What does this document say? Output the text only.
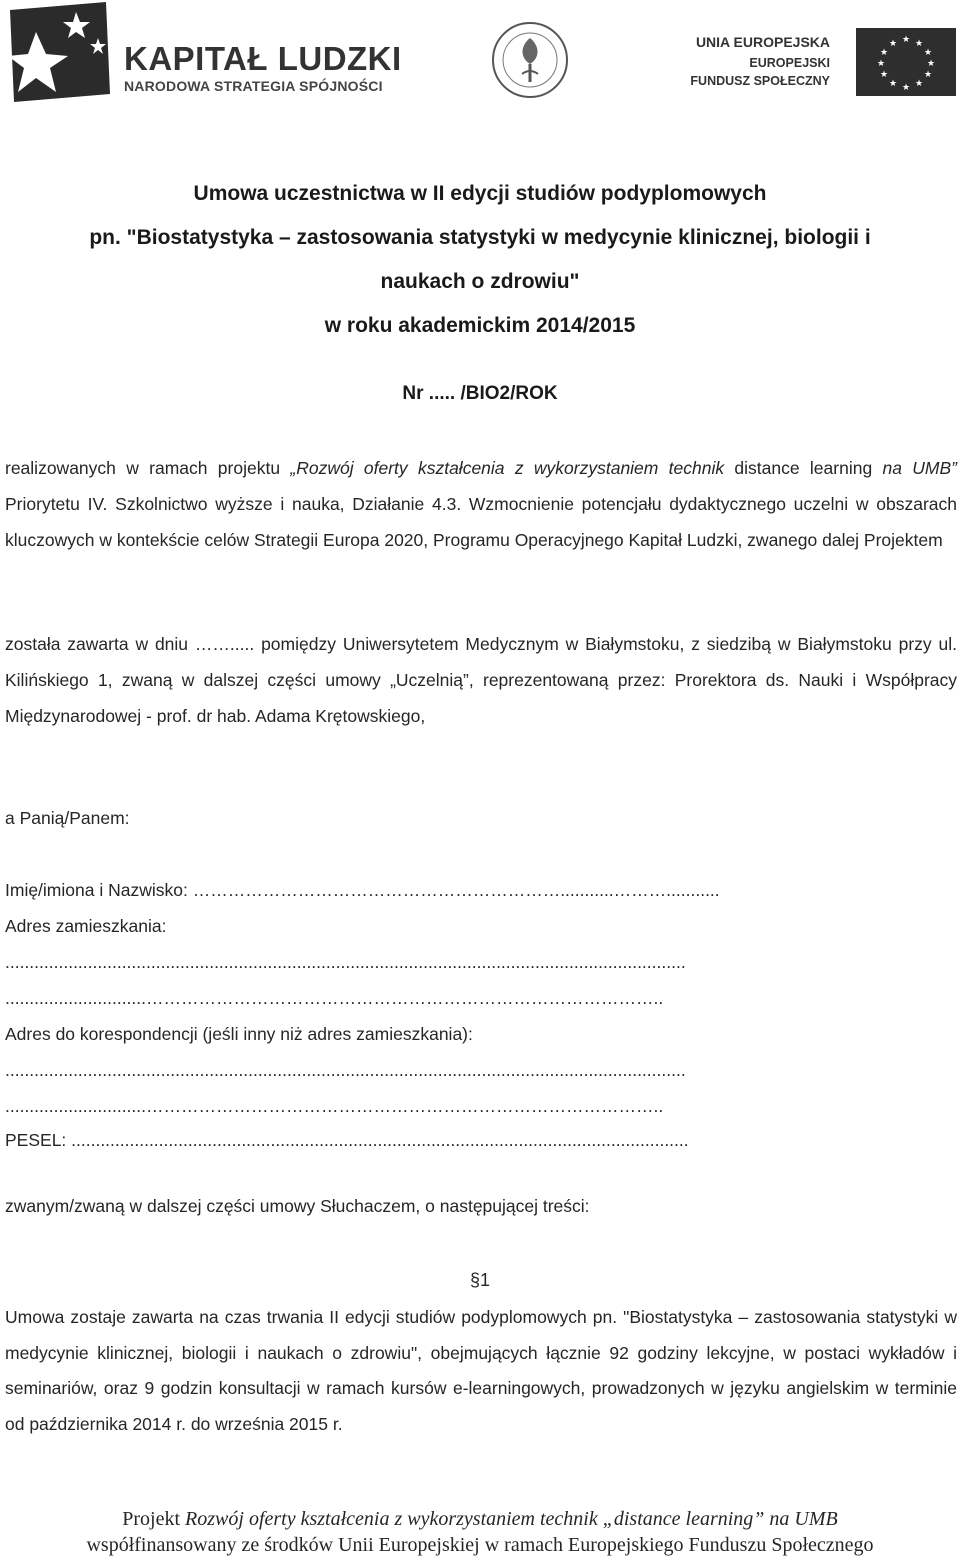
KAPITAŁ LUDZKI
NARODOWA STRATEGIA SPÓJNOŚCI
UNIA EUROPEJSKA
EUROPEJSKI
FUNDUSZ SPOŁECZNY
★ ★
★
★
★
★
★
★
★
★
★
★
Umowa uczestnictwa w II edycji studiów podyplomowych
pn. "Biostatystyka – zastosowania statystyki w medycynie klinicznej, biologii i
naukach o zdrowiu"
w roku akademickim 2014/2015
Nr ..... /BIO2/ROK
realizowanych w ramach projektu „Rozwój oferty kształcenia z wykorzystaniem technik distance learning na UMB” Priorytetu IV. Szkolnictwo wyższe i nauka, Działanie 4.3. Wzmocnienie potencjału dydaktycznego uczelni w obszarach kluczowych w kontekście celów Strategii Europa 2020, Programu Operacyjnego Kapitał Ludzki, zwanego dalej Projektem
została zawarta w dniu ……..... pomiędzy Uniwersytetem Medycznym w Białymstoku, z siedzibą w Białymstoku przy ul. Kilińskiego 1, zwaną w dalszej części umowy „Uczelnią”, reprezentowaną przez: Prorektora ds. Nauki i Współpracy Międzynarodowej - prof. dr hab. Adama Krętowskiego,
a Panią/Panem:
Imię/imiona i Nazwisko: ………………………………………………………...........………...........
Adres zamieszkania:
............................................................................................................................................
.............................……………………………………………………………………………..
Adres do korespondencji (jeśli inny niż adres zamieszkania):
............................................................................................................................................
.............................……………………………………………………………………………..
PESEL: ...............................................................................................................................
zwanym/zwaną w dalszej części umowy Słuchaczem, o następującej treści:
§1
Umowa zostaje zawarta na czas trwania II edycji studiów podyplomowych pn. "Biostatystyka – zastosowania statystyki w medycynie klinicznej, biologii i naukach o zdrowiu", obejmujących łącznie 92 godziny lekcyjne, w postaci wykładów i seminariów, oraz 9 godzin konsultacji w ramach kursów e-learningowych, prowadzonych w języku angielskim w terminie od października 2014 r. do września 2015 r.
Projekt Rozwój oferty kształcenia z wykorzystaniem technik „distance learning” na UMB
współfinansowany ze środków Unii Europejskiej w ramach Europejskiego Funduszu Społecznego
